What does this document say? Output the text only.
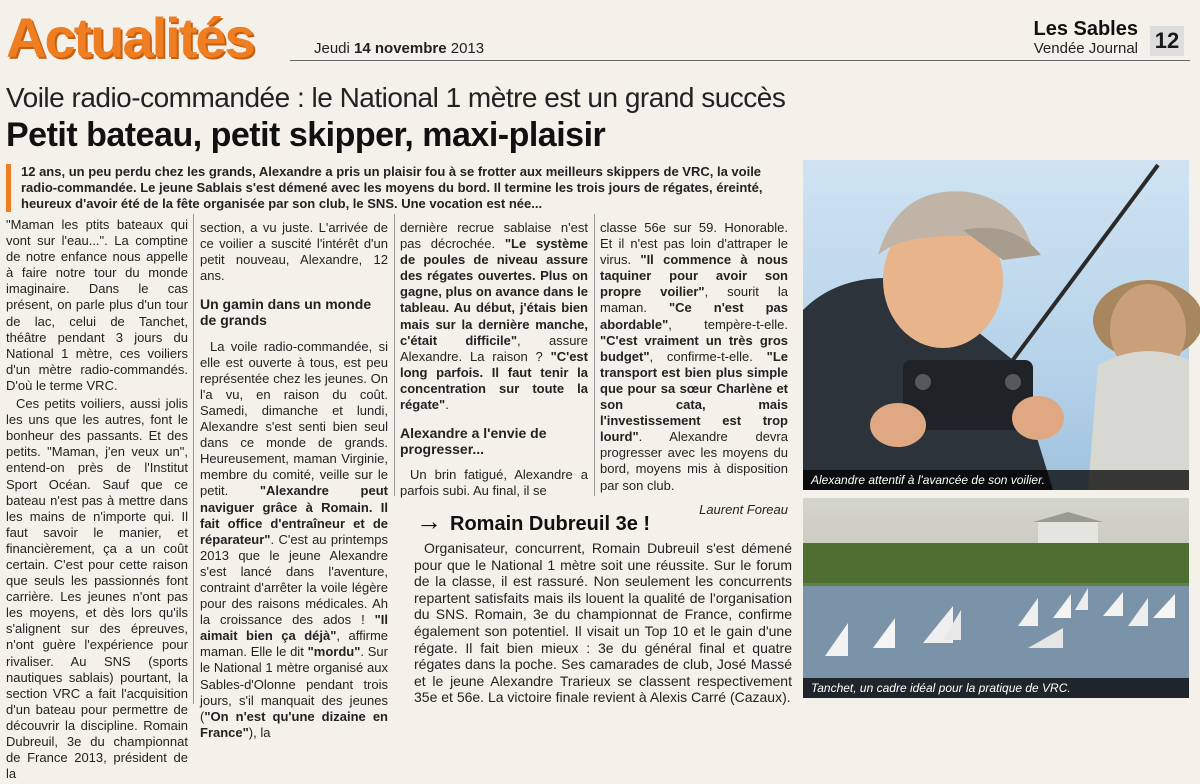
Actualités	Jeudi 14 novembre 2013
Les Sables
Vendée Journal 12
Voile radio-commandée : le National 1 mètre est un grand succès
Petit bateau, petit skipper, maxi-plaisir
12 ans, un peu perdu chez les grands, Alexandre a pris un plaisir fou à se frotter aux meilleurs skippers de VRC, la voile radio-commandée. Le jeune Sablais s'est démené avec les moyens du bord. Il termine les trois jours de régates, éreinté, heureux d'avoir été de la fête organisée par son club, le SNS. Une vocation est née...

"Maman les ptits bateaux qui vont sur l'eau...". La comptine de notre enfance nous appelle à faire notre tour du monde imaginaire. Dans le cas présent, on parle plus d'un tour de lac, celui de Tanchet, théâtre pendant 3 jours du National 1 mètre, ces voiliers d'un mètre radio-commandés. D'où le terme VRC.

Ces petits voiliers, aussi jolis les uns que les autres, font le bonheur des passants. Et des petits. "Maman, j'en veux un", entend-on près de l'Institut Sport Océan. Sauf que ce bateau n'est pas à mettre dans les mains de n'importe qui. Il faut savoir le manier, et financièrement, ça a un coût certain. C'est pour cette raison que seuls les passionnés font carrière. Les jeunes n'ont pas les moyens, et dès lors qu'ils s'alignent sur des épreuves, n'ont guère l'expérience pour rivaliser. Au SNS (sports nautiques sablais) pourtant, la section VRC a fait l'acquisition d'un bateau pour permettre de découvrir la discipline. Romain Dubreuil, 3e du championnat de France 2013, président de la

section, a vu juste. L'arrivée de ce voilier a suscité l'intérêt d'un petit nouveau, Alexandre, 12 ans.

Un gamin dans un monde de grands

La voile radio-commandée, si elle est ouverte à tous, est peu représentée chez les jeunes. On l'a vu, en raison du coût. Samedi, dimanche et lundi, Alexandre s'est senti bien seul dans ce monde de grands. Heureusement, maman Virginie, membre du comité, veille sur le petit. "Alexandre peut naviguer grâce à Romain. Il fait office d'entraîneur et de réparateur". C'est au printemps 2013 que le jeune Alexandre s'est lancé dans l'aventure, contraint d'arrêter la voile légère pour des raisons médicales. Ah la croissance des ados ! "Il aimait bien ça déjà", affirme maman. Elle le dit "mordu". Sur le National 1 mètre organisé aux Sables-d'Olonne pendant trois jours, s'il manquait des jeunes ("On n'est qu'une dizaine en France"), la

dernière recrue sablaise n'est pas décrochée. "Le système de poules de niveau assure des régates ouvertes. Plus on gagne, plus on avance dans le tableau. Au début, j'étais bien mais sur la dernière manche, c'était difficile", assure Alexandre. La raison ? "C'est long parfois. Il faut tenir la concentration sur toute la régate".

Alexandre a l'envie de progresser...

Un brin fatigué, Alexandre a parfois subi. Au final, il se

classe 56e sur 59. Honorable. Et il n'est pas loin d'attraper le virus. "Il commence à nous taquiner pour avoir son propre voilier", sourit la maman. "Ce n'est pas abordable", tempère-t-elle. "C'est vraiment un très gros budget", confirme-t-elle. "Le transport est bien plus simple que pour sa sœur Charlène et son cata, mais l'investissement est trop lourd". Alexandre devra progresser avec les moyens du bord, moyens mis à disposition par son club.

Laurent Foreau
→ Romain Dubreuil 3e !
Organisateur, concurrent, Romain Dubreuil s'est démené pour que le National 1 mètre soit une réussite. Sur le forum de la classe, il est rassuré. Non seulement les concurrents repartent satisfaits mais ils louent la qualité de l'organisation du SNS. Romain, 3e du championnat de France, confirme également son potentiel. Il visait un Top 10 et le gain d'une régate. Il fait bien mieux : 3e du général final et quatre régates dans la poche. Ses camarades de club, José Massé et le jeune Alexandre Trarieux se classent respectivement 35e et 56e. La victoire finale revient à Alexis Carré (Cazaux).
Alexandre attentif à l'avancée de son voilier.
Tanchet, un cadre idéal pour la pratique de VRC.
